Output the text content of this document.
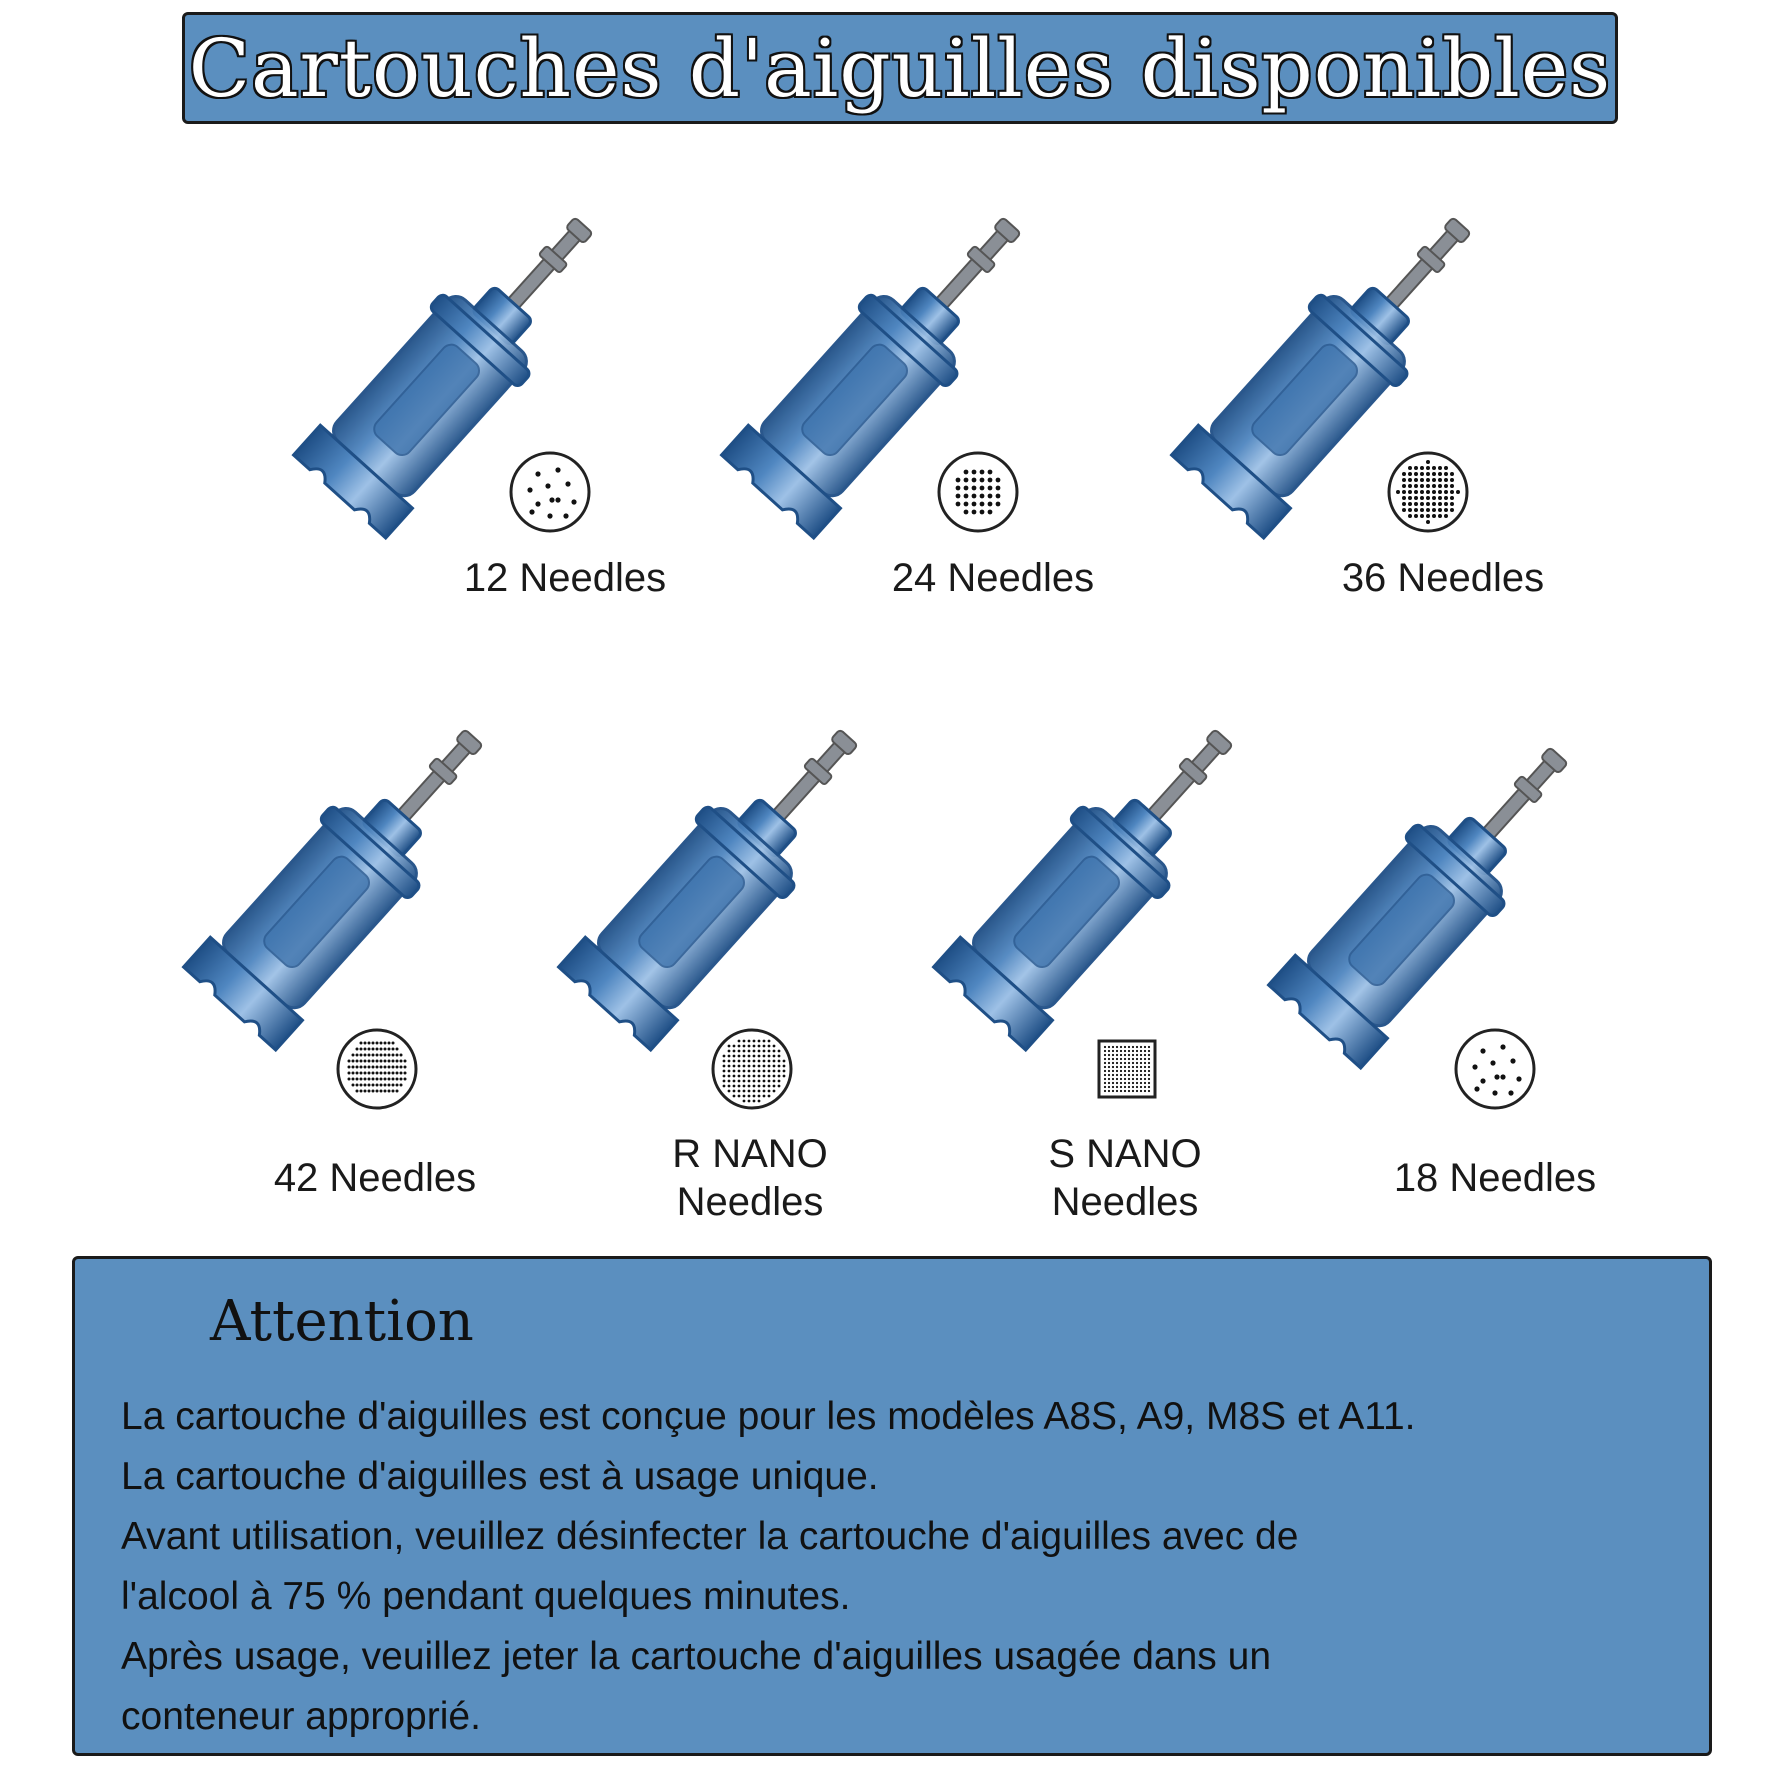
Cartouches d'aiguilles disponibles
12 Needles	24 Needles	36 Needles
42 Needles
R NANO
Needles
S NANO
Needles
18 Needles
Attention
La cartouche d'aiguilles est conçue pour les modèles A8S, A9, M8S et A11.
La cartouche d'aiguilles est à usage unique.
Avant utilisation, veuillez désinfecter la cartouche d'aiguilles avec de
l'alcool à 75 % pendant quelques minutes.
Après usage, veuillez jeter la cartouche d'aiguilles usagée dans un
conteneur approprié.
